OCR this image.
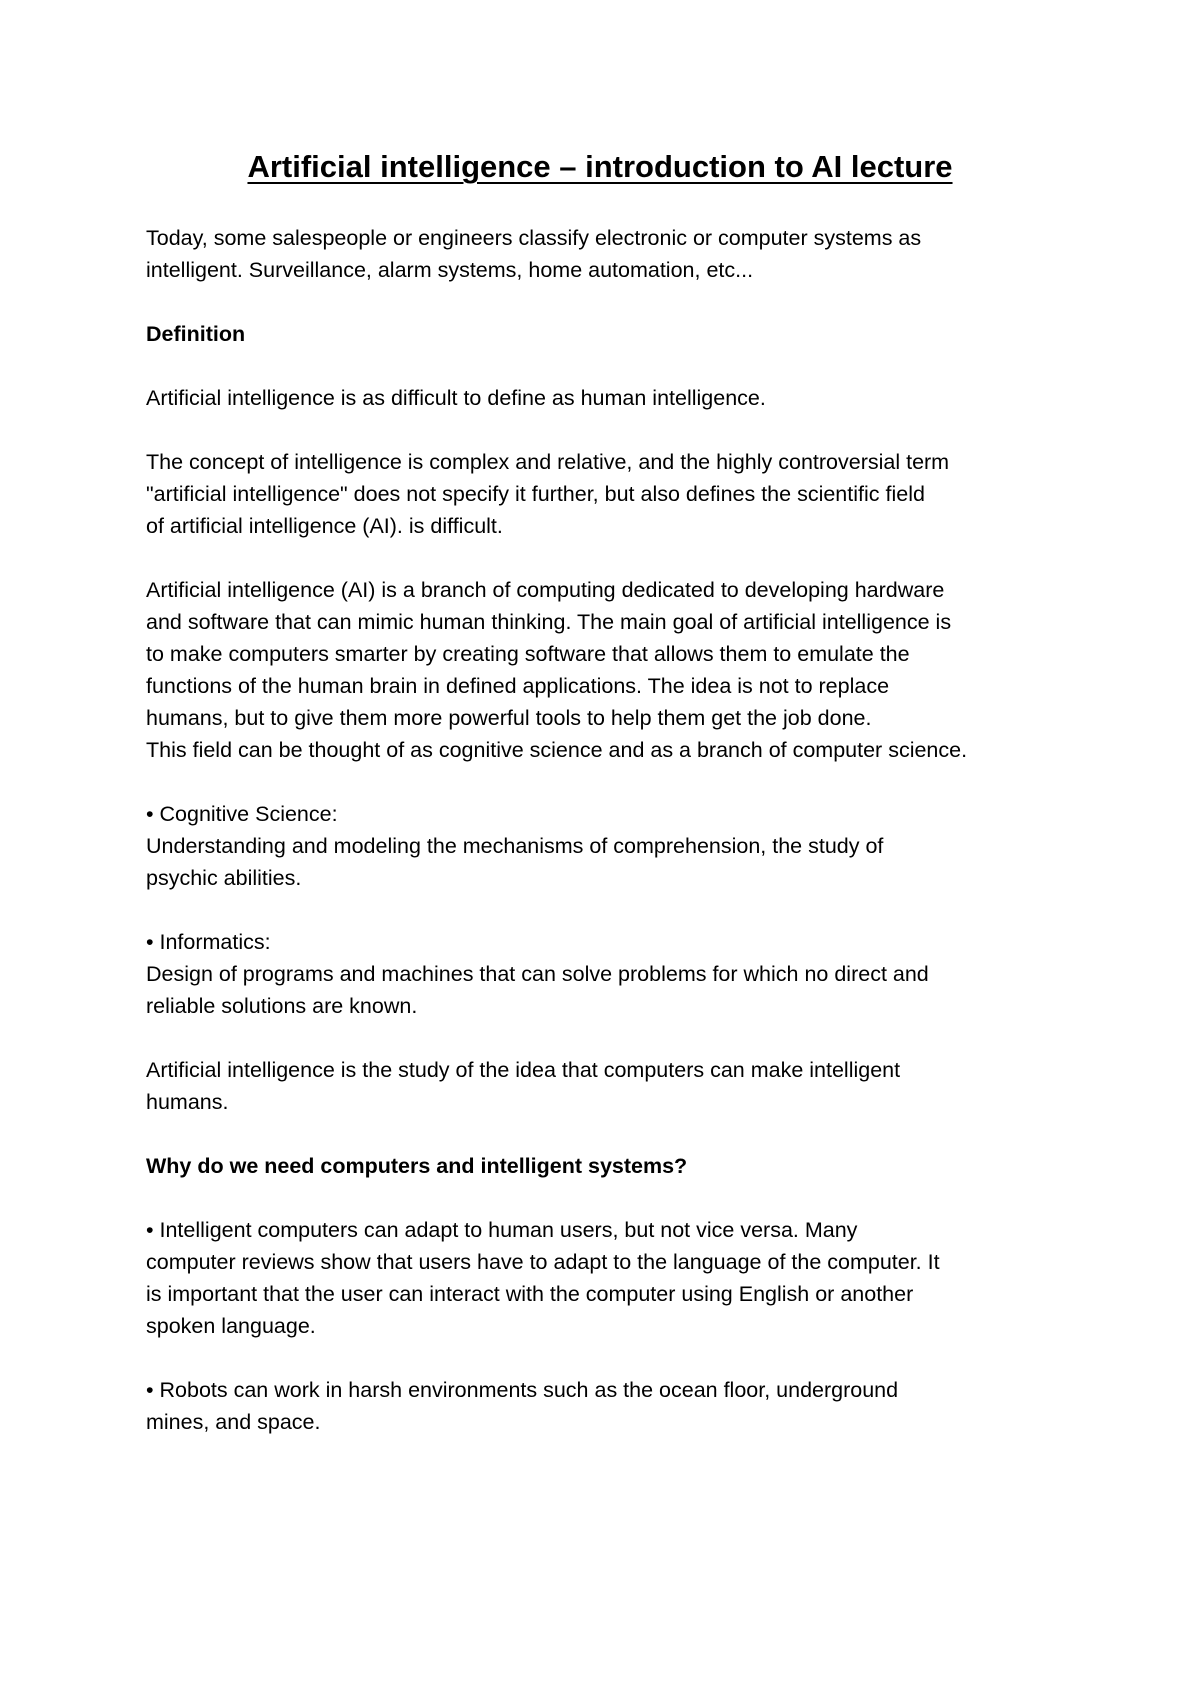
Artificial intelligence – introduction to AI lecture

Today, some salespeople or engineers classify electronic or computer systems as
intelligent. Surveillance, alarm systems, home automation, etc...

Definition

Artificial intelligence is as difficult to define as human intelligence.

The concept of intelligence is complex and relative, and the highly controversial term
"artificial intelligence" does not specify it further, but also defines the scientific field
of artificial intelligence (AI). is difficult.

Artificial intelligence (AI) is a branch of computing dedicated to developing hardware
and software that can mimic human thinking. The main goal of artificial intelligence is
to make computers smarter by creating software that allows them to emulate the
functions of the human brain in defined applications. The idea is not to replace
humans, but to give them more powerful tools to help them get the job done.
This field can be thought of as cognitive science and as a branch of computer science.

• Cognitive Science:
Understanding and modeling the mechanisms of comprehension, the study of
psychic abilities.

• Informatics:
Design of programs and machines that can solve problems for which no direct and
reliable solutions are known.

Artificial intelligence is the study of the idea that computers can make intelligent
humans.

Why do we need computers and intelligent systems?

• Intelligent computers can adapt to human users, but not vice versa. Many
computer reviews show that users have to adapt to the language of the computer. It
is important that the user can interact with the computer using English or another
spoken language.

• Robots can work in harsh environments such as the ocean floor, underground
mines, and space.
